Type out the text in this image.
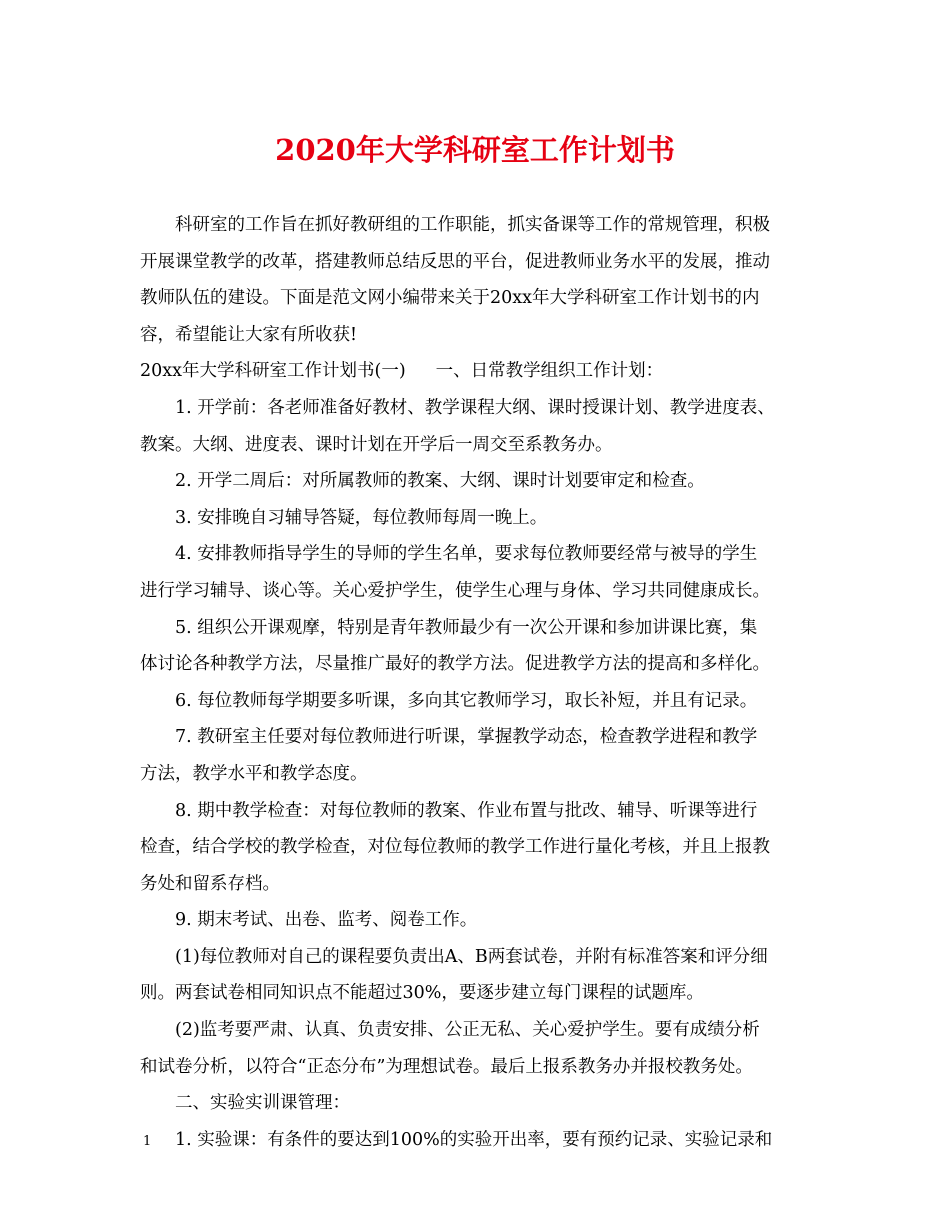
2020年大学科研室工作计划书
科研室的工作旨在抓好教研组的工作职能，抓实备课等工作的常规管理，积极
开展课堂教学的改革，搭建教师总结反思的平台，促进教师业务水平的发展，推动
教师队伍的建设。下面是范文网小编带来关于20xx年大学科研室工作计划书的内
容，希望能让大家有所收获!
20xx年大学科研室工作计划书(一) 一、日常教学组织工作计划：
1. 开学前：各老师准备好教材、教学课程大纲、课时授课计划、教学进度表、
教案。大纲、进度表、课时计划在开学后一周交至系教务办。
2. 开学二周后：对所属教师的教案、大纲、课时计划要审定和检查。
3. 安排晚自习辅导答疑，每位教师每周一晚上。
4. 安排教师指导学生的导师的学生名单，要求每位教师要经常与被导的学生
进行学习辅导、谈心等。关心爱护学生，使学生心理与身体、学习共同健康成长。
5. 组织公开课观摩，特别是青年教师最少有一次公开课和参加讲课比赛，集
体讨论各种教学方法，尽量推广最好的教学方法。促进教学方法的提高和多样化。
6. 每位教师每学期要多听课，多向其它教师学习，取长补短，并且有记录。
7. 教研室主任要对每位教师进行听课，掌握教学动态，检查教学进程和教学
方法，教学水平和教学态度。
8. 期中教学检查：对每位教师的教案、作业布置与批改、辅导、听课等进行
检查，结合学校的教学检查，对位每位教师的教学工作进行量化考核，并且上报教
务处和留系存档。
9. 期末考试、出卷、监考、阅卷工作。
(1)每位教师对自己的课程要负责出A、B两套试卷，并附有标准答案和评分细
则。两套试卷相同知识点不能超过30%，要逐步建立每门课程的试题库。
(2)监考要严肃、认真、负责安排、公正无私、关心爱护学生。要有成绩分析
和试卷分析，以符合“正态分布”为理想试卷。最后上报系教务办并报校教务处。
二、实验实训课管理：
1. 实验课：有条件的要达到100%的实验开出率，要有预约记录、实验记录和
1
